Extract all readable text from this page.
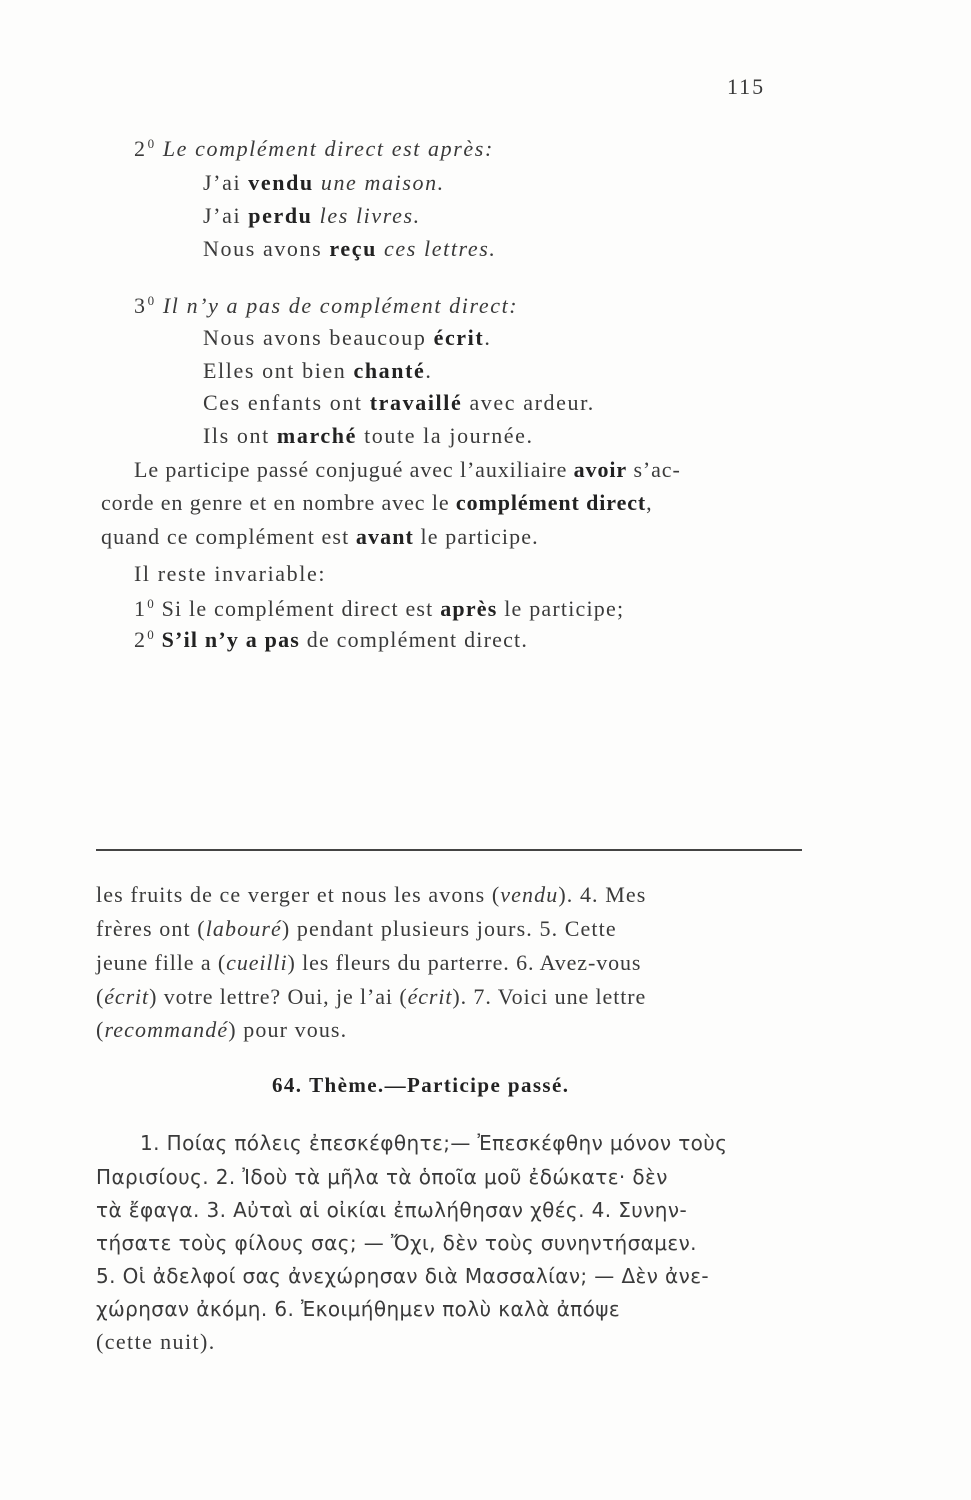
115
$2^0$ Le complément direct est après:
J’ai vendu une maison.
J’ai perdu les livres.
Nous avons reçu ces lettres.
$3^0$ Il n’y a pas de complément direct:
Nous avons beaucoup écrit.
Elles ont bien chanté.
Ces enfants ont travaillé avec ardeur.
Ils ont marché toute la journée.
Le participe passé conjugué avec l’auxiliaire avoir s’ac-
corde en genre et en nombre avec le complément direct,
quand ce complément est avant le participe.
Il reste invariable:
$1^0$ Si le complément direct est après le participe;
$2^0$ S’il n’y a pas de complément direct.
les fruits de ce verger et nous les avons (vendu). 4. Mes
frères ont (labouré) pendant plusieurs jours. 5. Cette
jeune fille a (cueilli) les fleurs du parterre. 6. Avez-vous
(écrit) votre lettre? Oui, je l’ai (écrit). 7. Voici une lettre
(recommandé) pour vous.
64. Thème.—Participe passé.
1. Ποίας πόλεις ἐπεσκέφθητε;— Ἐπεσκέφθην μόνον τοὺς
Παρισίους. 2. Ἰδοὺ τὰ μῆλα τὰ ὁποῖα μοῦ ἐδώκατε· δὲν
τὰ ἔφαγα. 3. Αὐταὶ αἱ οἰκίαι ἐπωλήθησαν χθές. 4. Συνην-
τήσατε τοὺς φίλους σας; — Ὄχι, δὲν τοὺς συνηντήσαμεν.
5. Οἱ ἀδελφοί σας ἀνεχώρησαν διὰ Μασσαλίαν; — Δὲν ἀνε-
χώρησαν ἀκόμη. 6. Ἐκοιμήθημεν πολὺ καλὰ ἀπόψε
(cette nuit).
